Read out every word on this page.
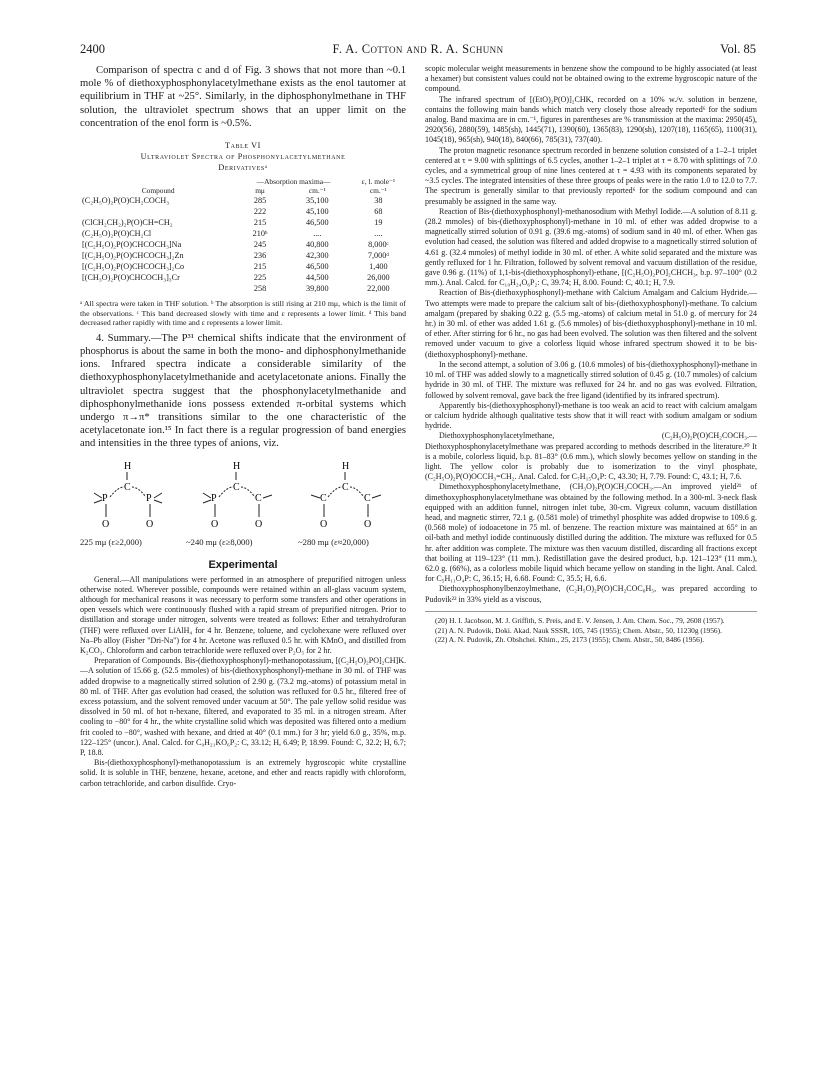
2400	F. A. Cotton and R. A. Schunn	Vol. 85

Comparison of spectra c and d of Fig. 3 shows that not more than ~0.1 mole % of diethoxyphosphonylacetylmethane exists as the enol tautomer at equilibrium in THF at ~25°. Similarly, in the diphosphonylmethane in THF solution, the ultraviolet spectrum shows that an upper limit on the concentration of the enol form is ~0.5%.

Table VI
Ultraviolet Spectra of Phosphonylacetylmethane
Derivativesᵃ
	—Absorption maxima—		ε, l. mole⁻¹
Compound	mμ	cm.⁻¹	cm.⁻¹
(C₂H₅O)₂P(O)CH₂COCH₃	285	35,100	38
	222	45,100	68
(ClCH₂CH₂)₂P(O)CH=CH₂	215	46,500	19
(C₂H₅O)₂P(O)CH₂Cl	210ᵇ	....	....
[(C₂H₅O)₂P(O)CHCOCH₃]Na	245	40,800	8,000ᶜ
[(C₂H₅O)₂P(O)CHCOCH₃]₂Zn	236	42,300	7,000ᵈ
[(C₂H₅O)₂P(O)CHCOCH₃]₂Co	215	46,500	1,400
[(CH₃O)₂P(O)CHCOCH₃]₃Cr	225	44,500	26,000
	258	39,800	22,000
ᵃ All spectra were taken in THF solution. ᵇ The absorption is still rising at 210 mμ, which is the limit of the observations. ᶜ This band decreased slowly with time and ε represents a lower limit. ᵈ This band decreased rather rapidly with time and ε represents a lower limit.

4. Summary.—The P³¹ chemical shifts indicate that the environment of phosphorus is about the same in both the mono- and diphosphonylmethanide ions. Infrared spectra indicate a considerable similarity of the diethoxyphosphonylacetylmethanide and acetylacetonate anions. Finally the ultraviolet spectra suggest that the phosphonylacetylmethanide and diphosphonylmethanide ions possess extended π-orbital systems which undergo π→π* transitions similar to the one characteristic of the acetylacetonate ion.¹⁵ In fact there is a regular progression of band energies and intensities in the three types of anions, viz.

H
C
P	P
O	O
H
C
P	C
O	O
H
C
C	C
O	O
225 mμ (ε≥2,000)	~240 mμ (ε≥8,000)	~280 mμ (ε≈20,000)
Experimental

General.—All manipulations were performed in an atmosphere of prepurified nitrogen unless otherwise noted. Wherever possible, compounds were retained within an all-glass vacuum system, although for mechanical reasons it was necessary to perform some transfers and other operations in open vessels which were continuously flushed with a rapid stream of prepurified nitrogen. Prior to distillation and storage under nitrogen, solvents were treated as follows: Ether and tetrahydrofuran (THF) were refluxed over LiAlH₄ for 4 hr. Benzene, toluene, and cyclohexane were refluxed over Na–Pb alloy (Fisher "Dri-Na") for 4 hr. Acetone was refluxed 0.5 hr. with KMnO₄ and distilled from K₂CO₃. Chloroform and carbon tetrachloride were refluxed over P₂O₅ for 2 hr.

Preparation of Compounds. Bis-(diethoxyphosphonyl)-methanopotassium, [(C₂H₅O)₂PO]₂CH]K.—A solution of 15.66 g. (52.5 mmoles) of bis-(diethoxyphosphonyl)-methane in 30 ml. of THF was added dropwise to a magnetically stirred solution of 2.90 g. (73.2 mg.-atoms) of potassium metal in 80 ml. of THF. After gas evolution had ceased, the solution was refluxed for 0.5 hr., filtered free of excess potassium, and the solvent removed under vacuum at 50°. The pale yellow solid residue was dissolved in 50 ml. of hot n-hexane, filtered, and evaporated to 35 ml. in a nitrogen stream. After cooling to −80° for 4 hr., the white crystalline solid which was deposited was filtered onto a medium frit cooled to −80°, washed with hexane, and dried at 40° (0.1 mm.) for 3 hr; yield 6.0 g., 35%, m.p. 122–125° (uncor.). Anal. Calcd. for C₉H₂₁KO₆P₂: C, 33.12; H, 6.49; P, 18.99. Found: C, 32.2; H, 6.7; P, 18.8.

Bis-(diethoxyphosphonyl)-methanopotassium is an extremely hygroscopic white crystalline solid. It is soluble in THF, benzene, hexane, acetone, and ether and reacts rapidly with chloroform, carbon tetrachloride, and carbon disulfide. Cryo-

scopic molecular weight measurements in benzene show the compound to be highly associated (at least a hexamer) but consistent values could not be obtained owing to the extreme hygroscopic nature of the compound.

The infrared spectrum of [(EtO)₂P(O)]₂CHK, recorded on a 10% w./v. solution in benzene, contains the following main bands which match very closely those already reported⁶ for the sodium analog. Band maxima are in cm.⁻¹, figures in parentheses are % transmission at the maxima: 2950(45), 2920(56), 2880(59), 1485(sh), 1445(71), 1390(60), 1365(83), 1290(sh), 1207(18), 1165(65), 1100(31), 1045(18), 965(sh), 940(18), 840(66), 785(31), 737(40).

The proton magnetic resonance spectrum recorded in benzene solution consisted of a 1–2–1 triplet centered at τ = 9.00 with splittings of 6.5 cycles, another 1–2–1 triplet at τ = 8.70 with splittings of 7.0 cycles, and a symmetrical group of nine lines centered at τ = 4.93 with its components separated by ~3.5 cycles. The integrated intensities of these three groups of peaks were in the ratio 1.0 to 12.0 to 7.7. The spectrum is generally similar to that previously reported⁶ for the sodium compound and can presumably be assigned in the same way.

Reaction of Bis-(diethoxyphosphonyl)-methanosodium with Methyl Iodide.—A solution of 8.11 g. (28.2 mmoles) of bis-(diethoxyphosphonyl)-methane in 10 ml. of ether was added dropwise to a magnetically stirred solution of 0.91 g. (39.6 mg.-atoms) of sodium sand in 40 ml. of ether. When gas evolution had ceased, the solution was filtered and added dropwise to a magnetically stirred solution of 4.61 g. (32.4 mmoles) of methyl iodide in 30 ml. of ether. A white solid separated and the mixture was gently refluxed for 1 hr. Filtration, followed by solvent removal and vacuum distillation of the residue, gave 0.96 g. (11%) of 1,1-bis-(diethoxyphosphonyl)-ethane, [(C₂H₅O)₂PO]₂CHCH₃, b.p. 97–100° (0.2 mm.). Anal. Calcd. for C₁₀H₂₄O₆P₂: C, 39.74; H, 8.00. Found: C, 40.1; H, 7.9.

Reaction of Bis-(diethoxyphosphonyl)-methane with Calcium Amalgam and Calcium Hydride.—Two attempts were made to prepare the calcium salt of bis-(diethoxyphosphonyl)-methane. To calcium amalgam (prepared by shaking 0.22 g. (5.5 mg.-atoms) of calcium metal in 51.0 g. of mercury for 24 hr.) in 30 ml. of ether was added 1.61 g. (5.6 mmoles) of bis-(diethoxyphosphonyl)-methane in 10 ml. of ether. After stirring for 6 hr., no gas had been evolved. The solution was then filtered and the solvent removed under vacuum to give a colorless liquid whose infrared spectrum showed it to be bis-(diethoxyphosphonyl)-methane.

In the second attempt, a solution of 3.06 g. (10.6 mmoles) of bis-(diethoxyphosphonyl)-methane in 10 ml. of THF was added slowly to a magnetically stirred solution of 0.45 g. (10.7 mmoles) of calcium hydride in 30 ml. of THF. The mixture was refluxed for 24 hr. and no gas was evolved. Filtration, followed by solvent removal, gave back the free ligand (identified by its infrared spectrum).

Apparently bis-(diethoxyphosphonyl)-methane is too weak an acid to react with calcium amalgam or calcium hydride although qualitative tests show that it will react with sodium amalgam or sodium hydride.

Diethoxyphosphonylacetylmethane, (C₂H₅O)₂P(O)CH₂COCH₃.—Diethoxyphosphonylacetylmethane was prepared according to methods described in the literature.²⁰ It is a mobile, colorless liquid, b.p. 81–83° (0.6 mm.), which slowly becomes yellow on standing in the light. The yellow color is probably due to isomerization to the vinyl phosphate, (C₂H₅O)₂P(O)OCCH₃=CH₂. Anal. Calcd. for C₇H₁₅O₄P: C, 43.30; H, 7.79. Found: C, 43.1; H, 7.6.

Dimethoxyphosphonylacetylmethane, (CH₃O)₂P(O)CH₂COCH₃.—An improved yield²¹ of dimethoxyphosphonylacetylmethane was obtained by the following method. In a 300-ml. 3-neck flask equipped with an addition funnel, nitrogen inlet tube, 30-cm. Vigreux column, vacuum distillation head, and magnetic stirrer, 72.1 g. (0.581 mole) of trimethyl phosphite was added dropwise to 109.6 g. (0.568 mole) of iodoacetone in 75 ml. of benzene. The reaction mixture was maintained at 65° in an oil-bath and methyl iodide continuously distilled during the addition. The mixture was refluxed for 0.5 hr. after addition was complete. The mixture was then vacuum distilled, discarding all fractions except that boiling at 119–123° (11 mm.). Redistillation gave the desired product, b.p. 121–123° (11 mm.), 62.0 g. (66%), as a colorless mobile liquid which became yellow on standing in the light. Anal. Calcd. for C₅H₁₁O₄P: C, 36.15; H, 6.68. Found: C, 35.5; H, 6.6.

Diethoxyphosphonylbenzoylmethane, (C₂H₅O)₂P(O)CH₂COC₆H₅, was prepared according to Pudovik²² in 33% yield as a viscous,

(20) H. I. Jacobson, M. J. Griffith, S. Preis, and E. V. Jensen, J. Am. Chem. Soc., 79, 2608 (1957).
(21) A. N. Pudovik, Doki. Akad. Nauk SSSR, 105, 745 (1955); Chem. Abstr., 50, 11230g (1956).
(22) A. N. Pudovik, Zh. Obshchei. Khim., 25, 2173 (1955); Chem. Abstr., 50, 8486 (1956).
